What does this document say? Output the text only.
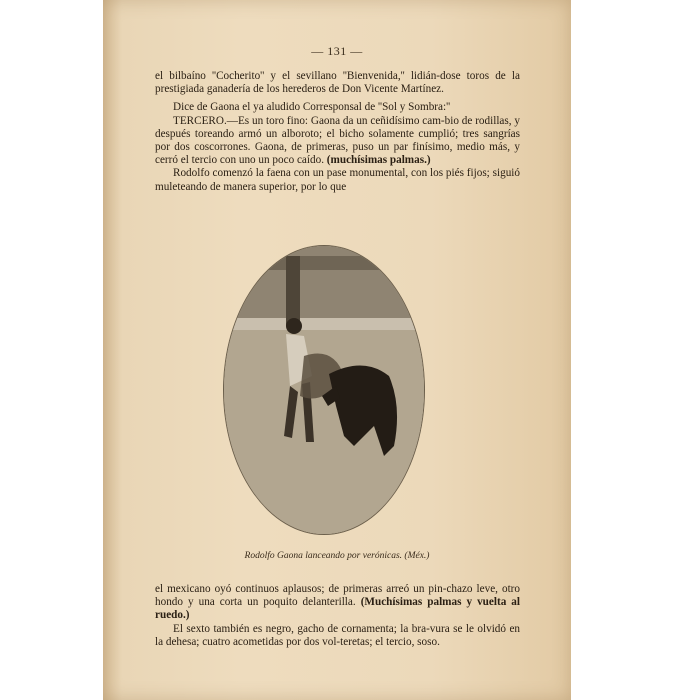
— 131 —

el bilbaíno ''Cocherito'' y el sevillano ''Bienvenida,'' lidián-dose toros de la prestigiada ganadería de los herederos de Don Vicente Martínez.

Dice de Gaona el ya aludido Corresponsal de ''Sol y Sombra:''

TERCERO.—Es un toro fino: Gaona da un ceñidísimo cam-bio de rodillas, y después toreando armó un alboroto; el bicho solamente cumplió; tres sangrías por dos coscorrones. Gaona, de primeras, puso un par finísimo, medio más, y cerró el tercio con uno un poco caído. (muchísimas palmas.)

Rodolfo comenzó la faena con un pase monumental, con los piés fijos; siguió muleteando de manera superior, por lo que

Rodolfo Gaona lanceando por verónicas. (Méx.)

el mexicano oyó continuos aplausos; de primeras arreó un pin-chazo leve, otro hondo y una corta un poquito delanterilla. (Muchísimas palmas y vuelta al ruedo.)

El sexto también es negro, gacho de cornamenta; la bra-vura se le olvidó en la dehesa; cuatro acometidas por dos vol-teretas; el tercio, soso.
